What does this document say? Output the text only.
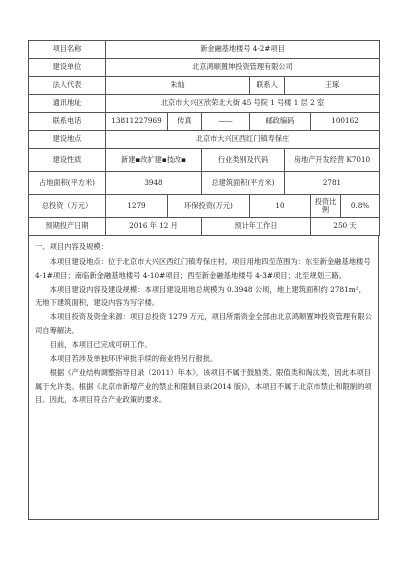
项目名称	新金融基地楼号 4-2#项目						
建设单位	北京鸿顺置坤投资管理有限公司						
法人代表	朱灿			联系人	王琢		
通讯地址	北京市大兴区欣荣北大街 45 号院 1 号楼 1 层 2 室						
联系电话	13811227969	传真	——	邮政编码		100162	
建设地点	北京市大兴区西红门镇寿保庄						
建设性质	新建▪改扩建▪技改▪		行业类别及代码		房地产开发经营 K7010		
占地面积(平方米)	3948		总建筑面积(平方米)		2781		
总投资（万元）	1279	环保投资(万元)		10		投资比例	0.8%
预期投产日期	2016 年 12 月		预计年工作日			250 天	

一、项目内容及规模：

本项目建设地点：位于北京市大兴区西红门镇寿保庄村。项目用地四至范围为：东至新金融基地楼号 4-1#项目；南临新金融基地楼号 4-10#项目；西至新金融基地楼号 4-3#项目；北至规划三路。

本项目建设内容及建设规模：本项目建设用地总规模为 0.3948 公顷，地上建筑面积约 2781m²，无地下建筑面积，建设内容为写字楼。

本项目投资及资金来源：项目总投资 1279 万元，项目所需资金全部由北京鸿顺置坤投资管理有限公司自筹解决。

目前，本项目已完成可研工作。

本项目若涉及单独环评审批手续的商业将另行报批。

根据《产业结构调整指导目录（2011）年本》，该项目不属于鼓励类、限值类和淘汰类，因此本项目属于允许类。根据《北京市新增产业的禁止和限制目录(2014 版)》，本项目不属于北京市禁止和限制的项目。因此，本项目符合产业政策的要求。
